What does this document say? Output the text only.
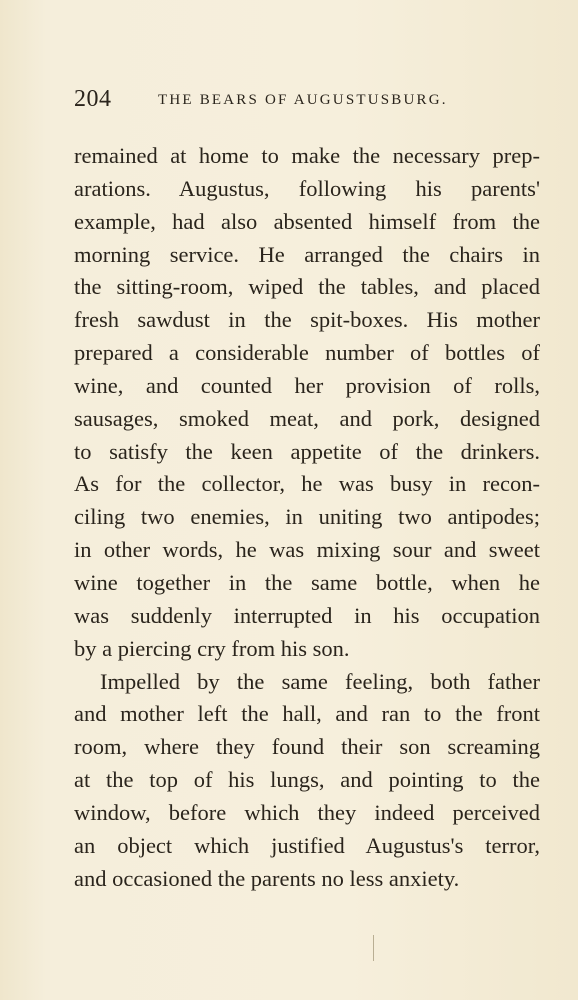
204	THE BEARS OF AUGUSTUSBURG.
remained at home to make the necessary prep-
arations. Augustus, following his parents'
example, had also absented himself from the
morning service. He arranged the chairs in
the sitting-room, wiped the tables, and placed
fresh sawdust in the spit-boxes. His mother
prepared a considerable number of bottles of
wine, and counted her provision of rolls,
sausages, smoked meat, and pork, designed
to satisfy the keen appetite of the drinkers.
As for the collector, he was busy in recon-
ciling two enemies, in uniting two antipodes;
in other words, he was mixing sour and sweet
wine together in the same bottle, when he
was suddenly interrupted in his occupation
by a piercing cry from his son.
Impelled by the same feeling, both father
and mother left the hall, and ran to the front
room, where they found their son screaming
at the top of his lungs, and pointing to the
window, before which they indeed perceived
an object which justified Augustus's terror,
and occasioned the parents no less anxiety.
